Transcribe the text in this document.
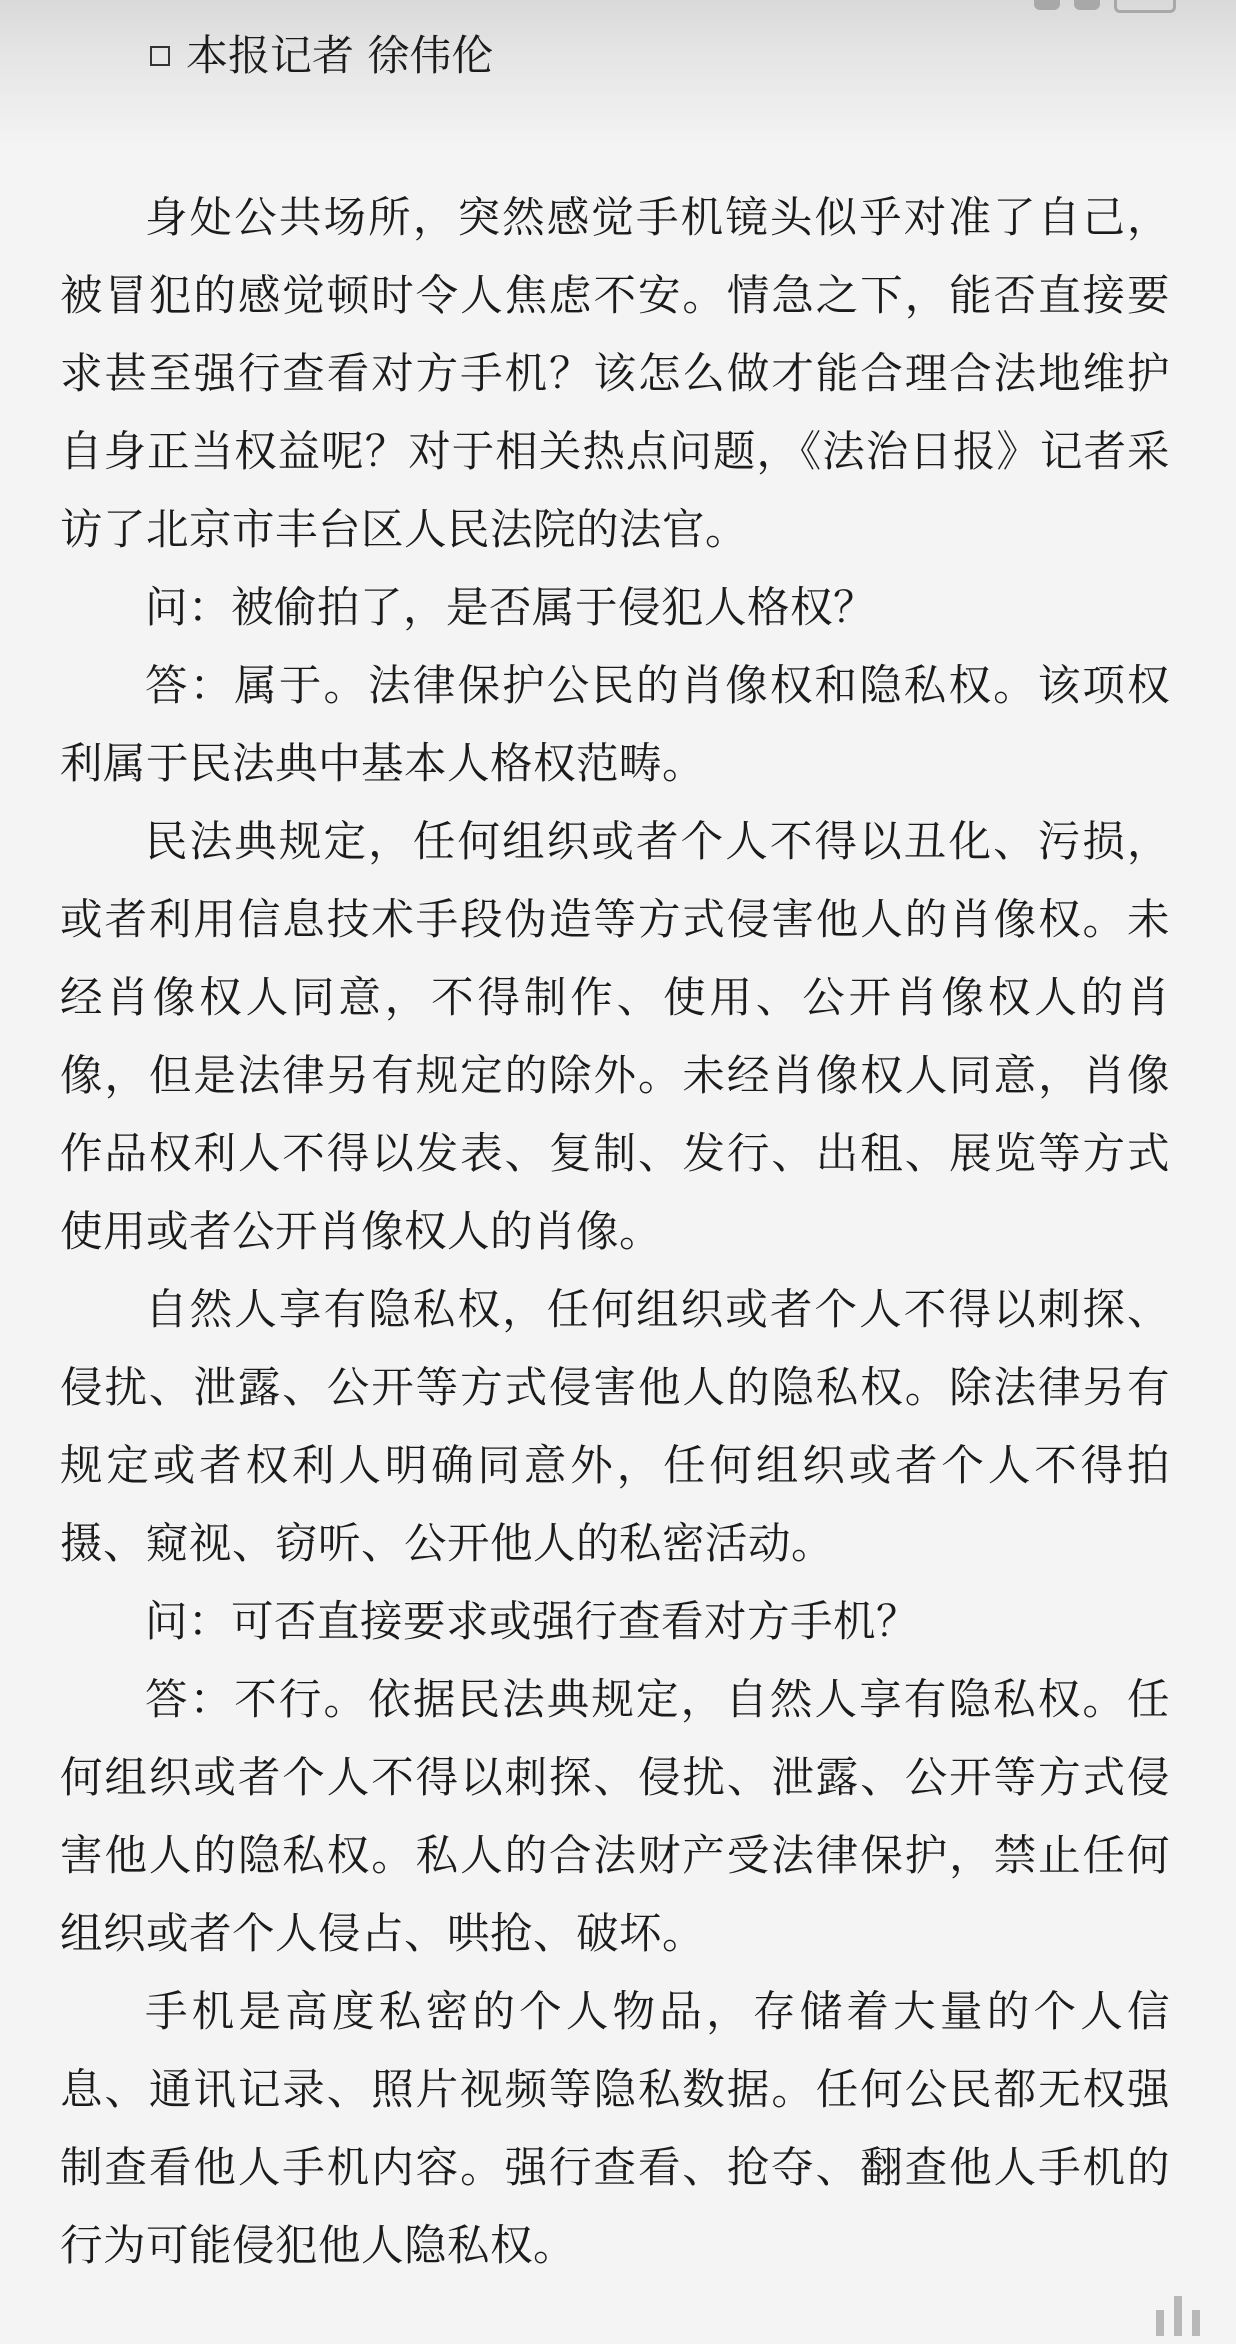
本报记者 徐伟伦

身处公共场所，突然感觉手机镜头似乎对准了自己，被冒犯的感觉顿时令人焦虑不安。情急之下，能否直接要求甚至强行查看对方手机？该怎么做才能合理合法地维护自身正当权益呢？对于相关热点问题，《法治日报》记者采访了北京市丰台区人民法院的法官。

问：被偷拍了，是否属于侵犯人格权？

答：属于。法律保护公民的肖像权和隐私权。该项权利属于民法典中基本人格权范畴。

民法典规定，任何组织或者个人不得以丑化、污损，或者利用信息技术手段伪造等方式侵害他人的肖像权。未经肖像权人同意，不得制作、使用、公开肖像权人的肖像，但是法律另有规定的除外。未经肖像权人同意，肖像作品权利人不得以发表、复制、发行、出租、展览等方式使用或者公开肖像权人的肖像。

自然人享有隐私权，任何组织或者个人不得以刺探、侵扰、泄露、公开等方式侵害他人的隐私权。除法律另有规定或者权利人明确同意外，任何组织或者个人不得拍摄、窥视、窃听、公开他人的私密活动。

问：可否直接要求或强行查看对方手机？

答：不行。依据民法典规定，自然人享有隐私权。任何组织或者个人不得以刺探、侵扰、泄露、公开等方式侵害他人的隐私权。私人的合法财产受法律保护，禁止任何组织或者个人侵占、哄抢、破坏。

手机是高度私密的个人物品，存储着大量的个人信息、通讯记录、照片视频等隐私数据。任何公民都无权强制查看他人手机内容。强行查看、抢夺、翻查他人手机的行为可能侵犯他人隐私权。
